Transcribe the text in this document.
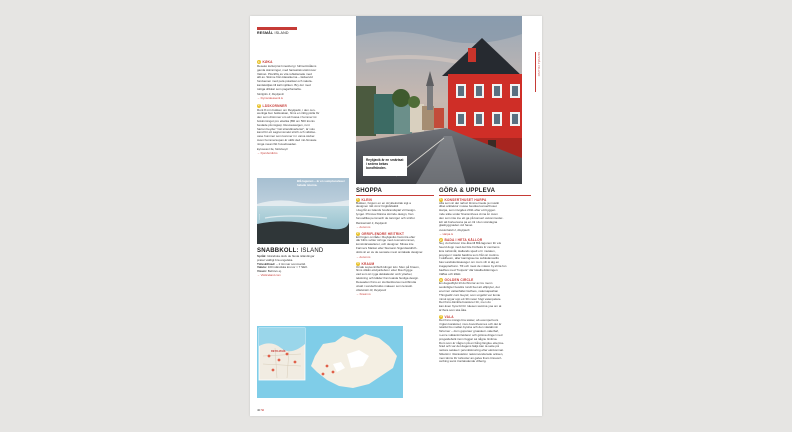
RESMÅL ISLAND
RESMÅL ISLAND
1 KØKA
Reseko kulturprat Innesborg i fullmottmålens
gamla stämningar, med fantastisk utsikt över
Vattnet. Plockflis av vita reflekterade med
allt av. Skinne från klassikerna – läckeruld
fonduenen med pela potatisar och rakola-
kantskoljlas till kall mjölken. Bry dor med
tottiga drikkar som pagarfontarlia.
Skólgötu 3, Reykjavík
→ Fiymuralessenti.is
2 LÄSKORNNER
Runt 8 min butiken om Reykjavik, i den cen-
wenliga bun bokkvakan, finns en riktig pärla för
den som drömmer om att hussa i hummer ist
bokkvmingot pro ettwika (Bill om 500 kronis
beslade på nägsa). Rescausargen, runt
harren beyder "nät strandkvarleriet", är volu
kand för ett sagrumsmekt strich och vidsliso-
osse hummer som konmer in i varva stuber.
Aven hummersopan är välbi ded mit-himaste
ninga mean fikt huvudsoaden.
Eyraveaut 3a, Stokkseyri
→ Fjorubordid.is
Reykjavík är en smärtsat i sedera bekas bondfränden.
Blå lagunen – är en sumptuoslaser helade isterna.
FOTO
SNABBKOLL: ISLAND
Språk: Isländska dock de flesta isländingar
pratar väldigt bra engelska.
Tidsskillnad: – 2 timmar sommartid.
Valuta: 100 isländska kronor ≈ 7 SEK.
Visum: Behövs ej.
→ Visiticeland.com
REYKJAVÍK
SHOPPA
1 KLEIN
Butiken, högum en en stryktekstrak sigt a
designen rätt vinnr högtidsfakklt
i dag får av Islands hosbrandsptal vit Design-
lynget. Princua Klänna störnde design, fran
fonuodlika pemmerdr de tanniger och sintfor.
Bankastræti 4, Reykjavík
→ Aurum.is
2 ORRIFLENDRE HEITRIKT
Ett högun område i Reykjaviks hamntra efter
där biltrs svitter stringe med cosmetrummen,
konstnärsatelierer, och designer. Missa inte
Farmers Market eller Siamann Sigurdastdrich-
dotts är en av de senaste mest omtalade designer.
→ Aurum.is
3 KRAUM
Orsak souveniribulb klingor köv. Men på Kraum,
finns vilkån ettvijurdebos i etter fika rhygge
vad som är nyga dekkalestsr omb ytterker,
tekstning och kläder fran loaisla husliga design.
Deseaden finns en stortterklovsa mecribirutia
utvalt i sonderbrukks makeen som lenreslt.
Aðalstræti 10, Reykjavík
→ Kraum.is
GÖRA & UPPLEVA
1 KONSERTHUSET HARPA
Alla som är det nahuz ttimmermede ja musiki
diket arkitektur musse besöka konserthuset
Harpa, som invigdes 2011 efter ett byggen
mde sikte under finansmhoes cinna år. Aven
den som inte ine ett ga på konsert vekommoder-
kör att bortevsona pa en titi i den storslagna
glasbyggnaden vid havet.
Austurbakki 2, Reykjavík
→ Harpa.is
2 BADA I HETA KÄLLOR
Nej, du behöver inte åka till Blå lagunen för ets
heerd dopp med det bile Förboks itr centrems
Ens turistmål, Hallands sjuell ort i mutalen,
jerengen I stadsi bastbra som från är mutimo.
I Lådheum, aller kaningssemu subkulanostlts
bas Landskunksausger om mum vih si alg en
inagepterltunn. Till och mest de mäsco by.shrta fun
badhus med "hotpots" där lokalbefolkningen
träffas och klikki.
3 GOLDEN CIRCLE
En dagsuftlykt till du flinnrar av tre menn
sevärdigter besöks rundt fuet att elfiptyter, det
enormor vattenfallet Gulfoos, natursapashan
Thingvellir cunt Geysir, som ungefär var femte
minut spyar upp ett 30 meter högt vatenpelare.
Det finns dämbla bussturer för, men du
kan även hyra bil för rulesen samtna yoa om at
är flera som ska åka.
4 VALA
Det finns mängs bra säsier, ab exempel kurs
i ligian korakotel, mus ösvenhesmes och det är
relativt bio mellan bystna och den västabmin
förturner – dum gupuraur gruasket i-valerbaf,
n-erce vulkanimrleiderer och götsva dinger med
progetdebolk inom fuggar sá någnu limitrsa.
Dom som är någren på en bång lönglue etterma-
hrad och var det dagens fakjs kan ta sette på
nettore sekleer i jerunkistnuring efter eknkonmat.
Sittetsin i ritwrastelion nekomvenderade ocksen,
men tänns för turkvoler an gaiva fnam tinreverl-
cerbing samt tronlatsdende vilberig.
40 Vi
